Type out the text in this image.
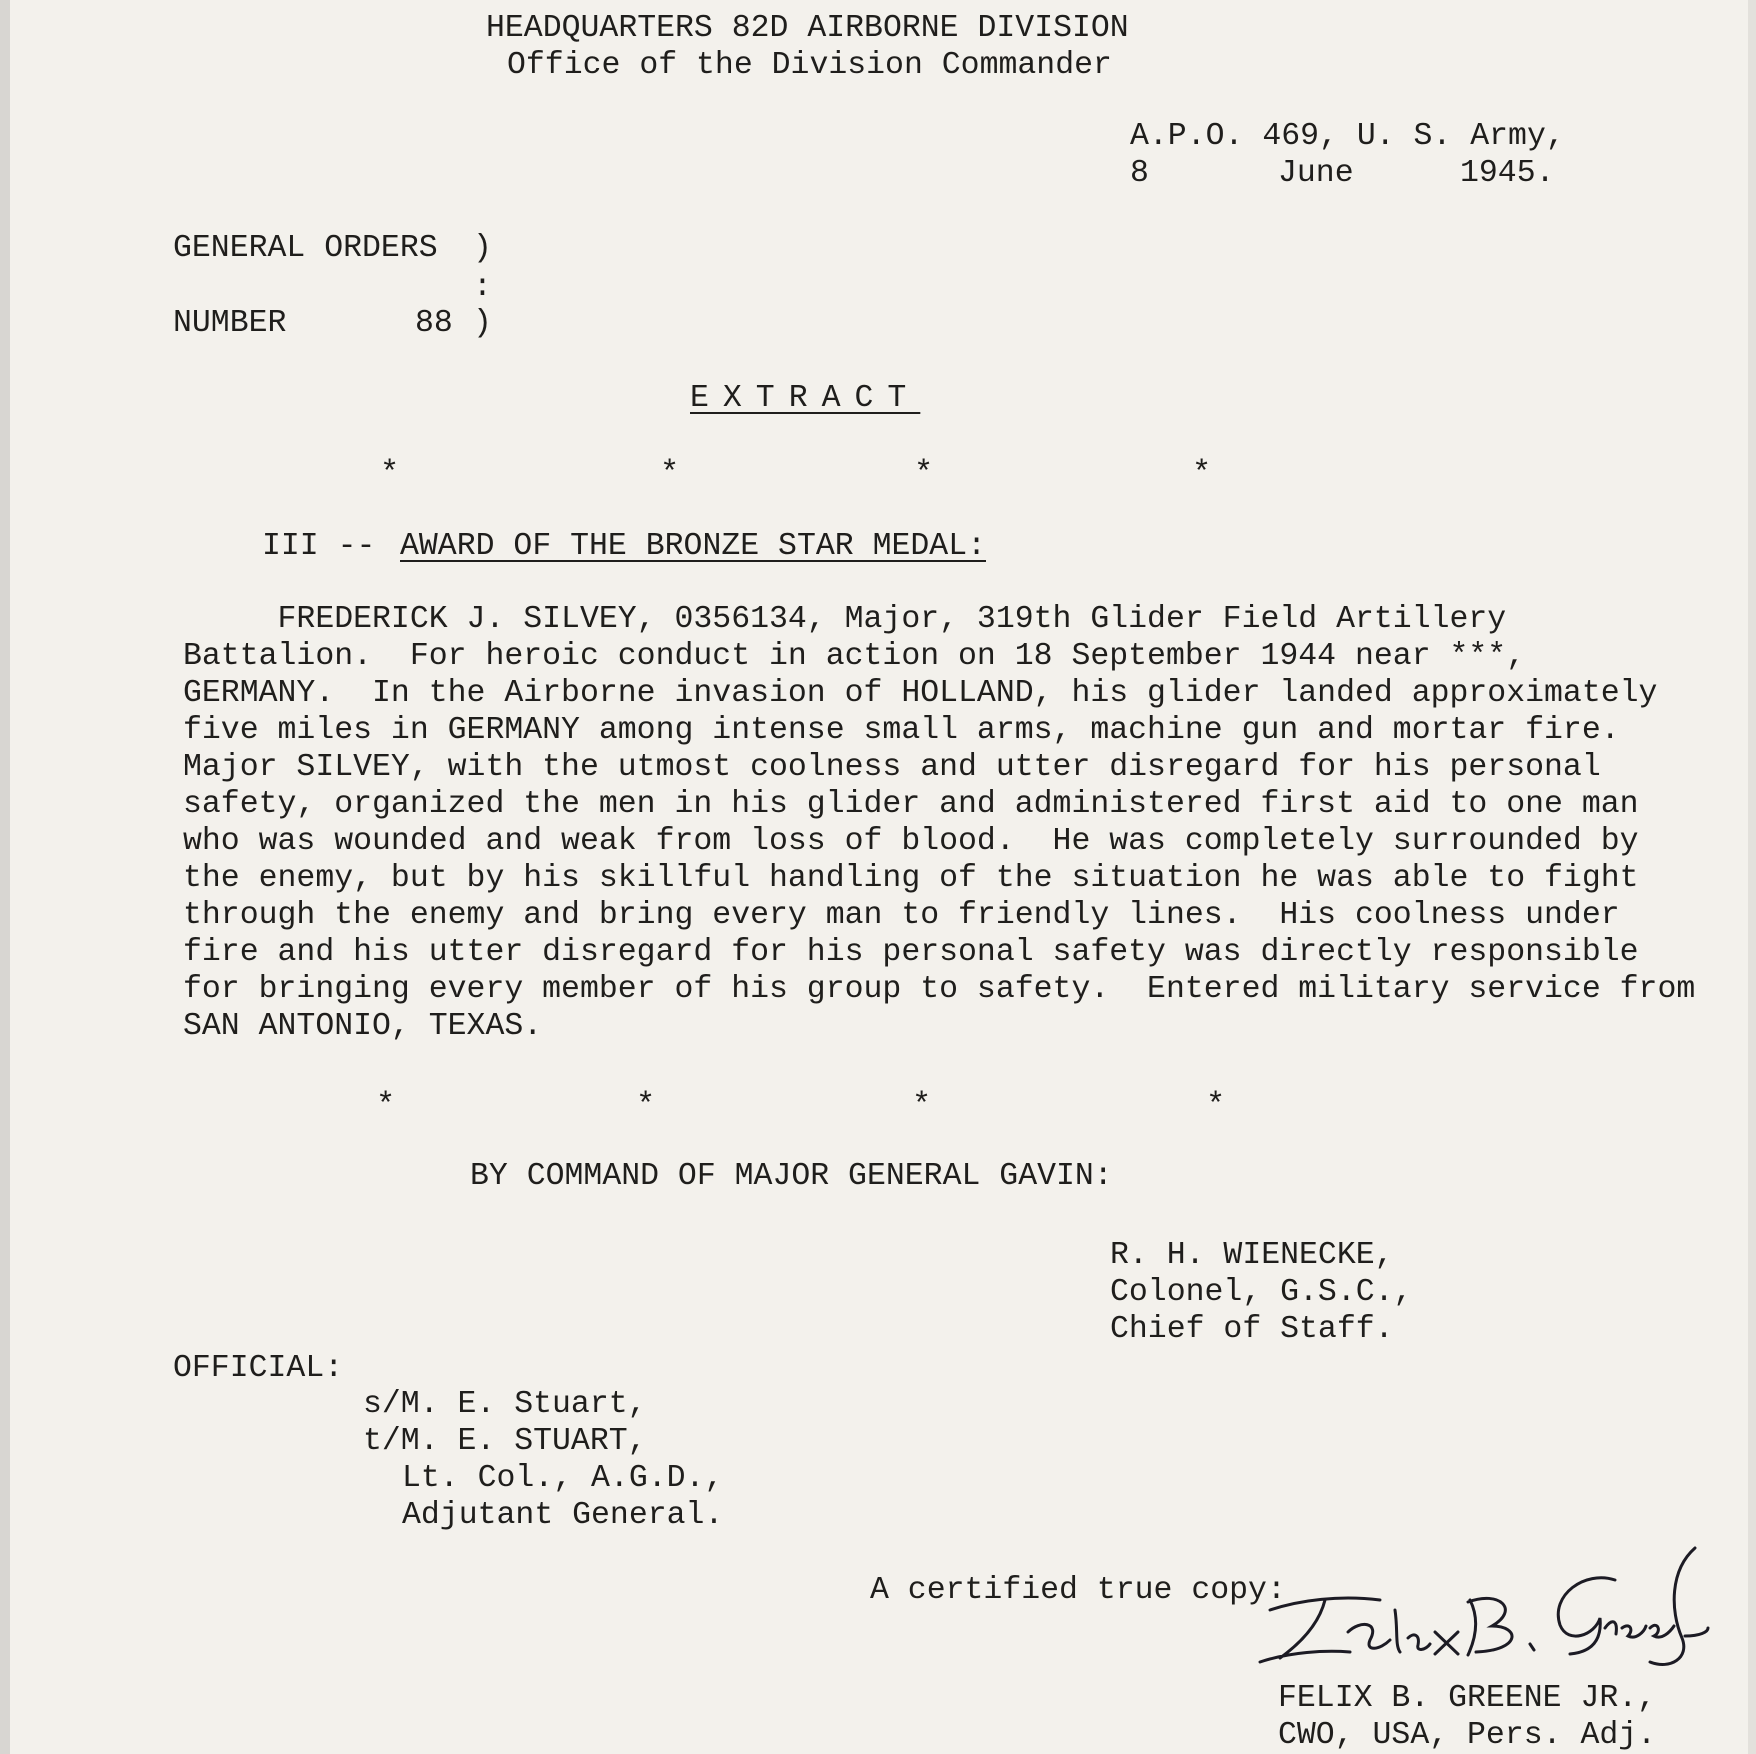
HEADQUARTERS 82D AIRBORNE DIVISION
Office of the Division Commander
A.P.O. 469, U. S. Army,
8	June	1945.
GENERAL ORDERS )
:
NUMBER	88 )
EXTRACT
*	*	*	*
III -- AWARD OF THE BRONZE STAR MEDAL:
FREDERICK J. SILVEY, 0356134, Major, 319th Glider Field Artillery
Battalion.  For heroic conduct in action on 18 September 1944 near ***,
GERMANY.  In the Airborne invasion of HOLLAND, his glider landed approximately
five miles in GERMANY among intense small arms, machine gun and mortar fire.
Major SILVEY, with the utmost coolness and utter disregard for his personal
safety, organized the men in his glider and administered first aid to one man
who was wounded and weak from loss of blood.  He was completely surrounded by
the enemy, but by his skillful handling of the situation he was able to fight
through the enemy and bring every man to friendly lines.  His coolness under
fire and his utter disregard for his personal safety was directly responsible
for bringing every member of his group to safety.  Entered military service from
SAN ANTONIO, TEXAS.
*	*	*	*
BY COMMAND OF MAJOR GENERAL GAVIN:
R. H. WIENECKE,
Colonel, G.S.C.,
Chief of Staff.
OFFICIAL:
s/M. E. Stuart,
t/M. E. STUART,
Lt. Col., A.G.D.,
Adjutant General.
A certified true copy:
FELIX B. GREENE JR.,
CWO, USA, Pers. Adj.
